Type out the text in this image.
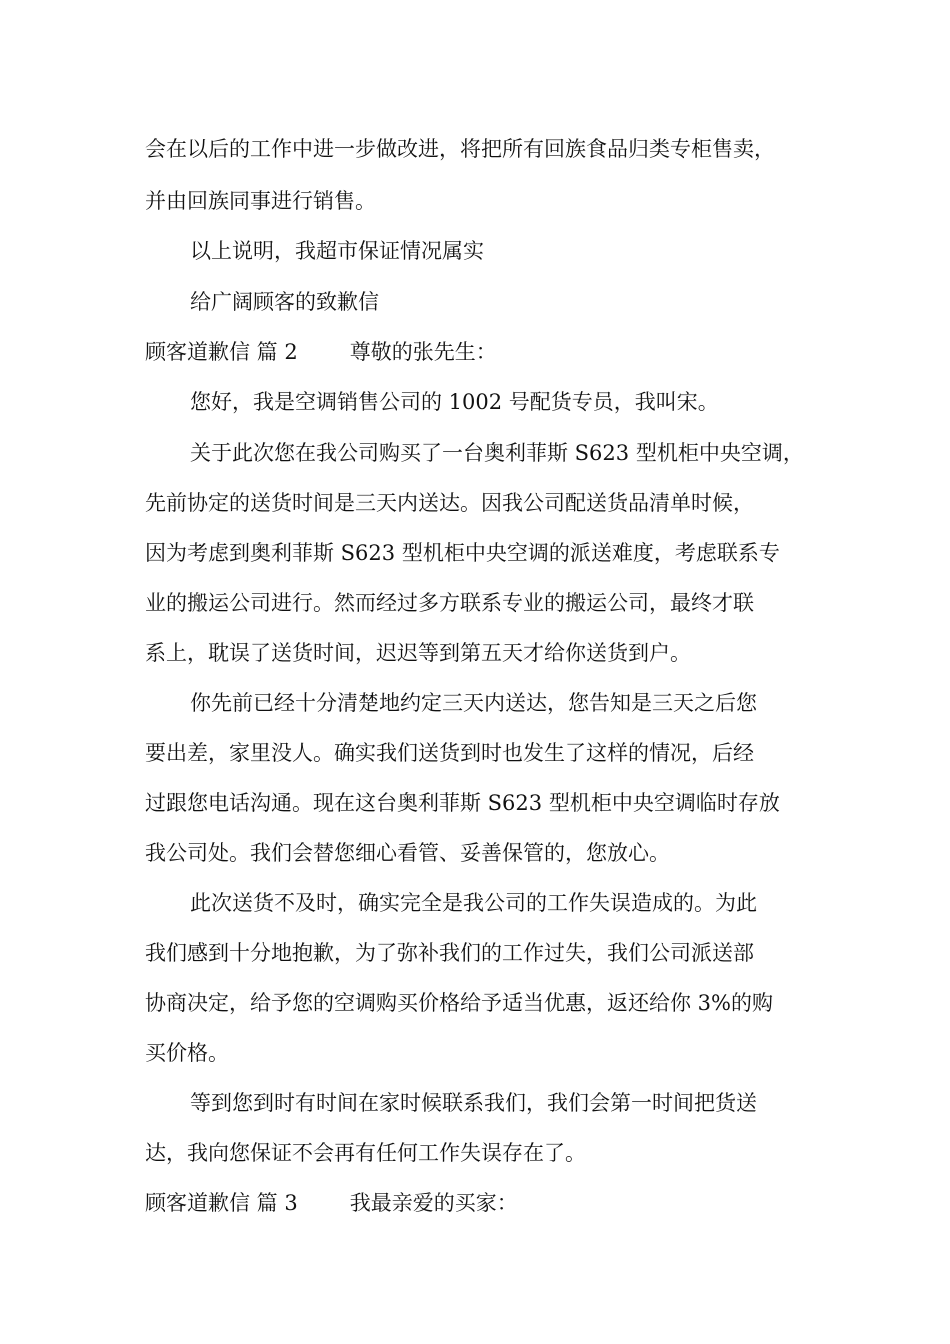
会在以后的工作中进一步做改进，将把所有回族食品归类专柜售卖，
并由回族同事进行销售。
以上说明，我超市保证情况属实
给广阔顾客的致歉信
顾客道歉信 篇 2 尊敬的张先生：
您好，我是空调销售公司的 1002 号配货专员，我叫宋。
关于此次您在我公司购买了一台奥利菲斯 S623 型机柜中央空调，
先前协定的送货时间是三天内送达。因我公司配送货品清单时候，
因为考虑到奥利菲斯 S623 型机柜中央空调的派送难度，考虑联系专
业的搬运公司进行。然而经过多方联系专业的搬运公司，最终才联
系上，耽误了送货时间，迟迟等到第五天才给你送货到户。
你先前已经十分清楚地约定三天内送达，您告知是三天之后您
要出差，家里没人。确实我们送货到时也发生了这样的情况，后经
过跟您电话沟通。现在这台奥利菲斯 S623 型机柜中央空调临时存放
我公司处。我们会替您细心看管、妥善保管的，您放心。
此次送货不及时，确实完全是我公司的工作失误造成的。为此
我们感到十分地抱歉，为了弥补我们的工作过失，我们公司派送部
协商决定，给予您的空调购买价格给予适当优惠，返还给你 3%的购
买价格。
等到您到时有时间在家时候联系我们，我们会第一时间把货送
达，我向您保证不会再有任何工作失误存在了。
顾客道歉信 篇 3 我最亲爱的买家：
